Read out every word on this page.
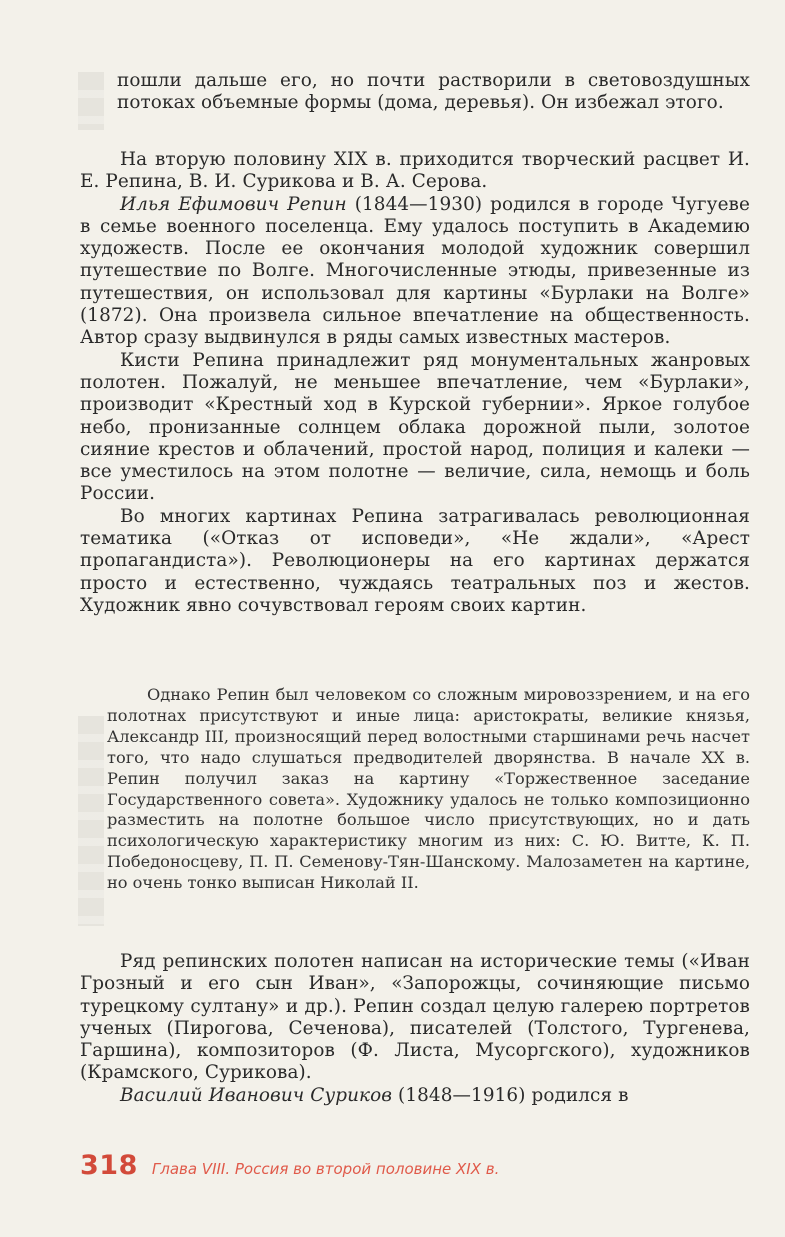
пошли дальше его, но почти растворили в световоздушных потоках объемные формы (дома, деревья). Он избежал этого.

На вторую половину XIX в. приходится творческий расцвет И. Е. Репина, В. И. Сурикова и В. А. Серова.

Илья Ефимович Репин (1844—1930) родился в городе Чугуеве в семье военного поселенца. Ему удалось поступить в Академию художеств. После ее окончания молодой художник совершил путешествие по Волге. Многочисленные этюды, привезенные из путешествия, он использовал для картины «Бурлаки на Волге» (1872). Она произвела сильное впечатление на общественность. Автор сразу выдвинулся в ряды самых известных мастеров.

Кисти Репина принадлежит ряд монументальных жанровых полотен. Пожалуй, не меньшее впечатление, чем «Бурлаки», производит «Крестный ход в Курской губернии». Яркое голубое небо, пронизанные солнцем облака дорожной пыли, золотое сияние крестов и облачений, простой народ, полиция и калеки — все уместилось на этом полотне — величие, сила, немощь и боль России.

Во многих картинах Репина затрагивалась революционная тематика («Отказ от исповеди», «Не ждали», «Арест пропагандиста»). Революционеры на его картинах держатся просто и естественно, чуждаясь театральных поз и жестов. Художник явно сочувствовал героям своих картин.

Однако Репин был человеком со сложным мировоззрением, и на его полотнах присутствуют и иные лица: аристократы, великие князья, Александр III, произносящий перед волостными старшинами речь насчет того, что надо слушаться предводителей дворянства. В начале XX в. Репин получил заказ на картину «Торжественное заседание Государственного совета». Художнику удалось не только композиционно разместить на полотне большое число присутствующих, но и дать психологическую характеристику многим из них: С. Ю. Витте, К. П. Победоносцеву, П. П. Семенову-Тян-Шанскому. Малозаметен на картине, но очень тонко выписан Николай II.

Ряд репинских полотен написан на исторические темы («Иван Грозный и его сын Иван», «Запорожцы, сочиняющие письмо турецкому султану» и др.). Репин создал целую галерею портретов ученых (Пирогова, Сеченова), писателей (Толстого, Тургенева, Гаршина), композиторов (Ф. Листа, Мусоргского), художников (Крамского, Сурикова).

Василий Иванович Суриков (1848—1916) родился в

318 Глава VIII. Россия во второй половине XIX в.
